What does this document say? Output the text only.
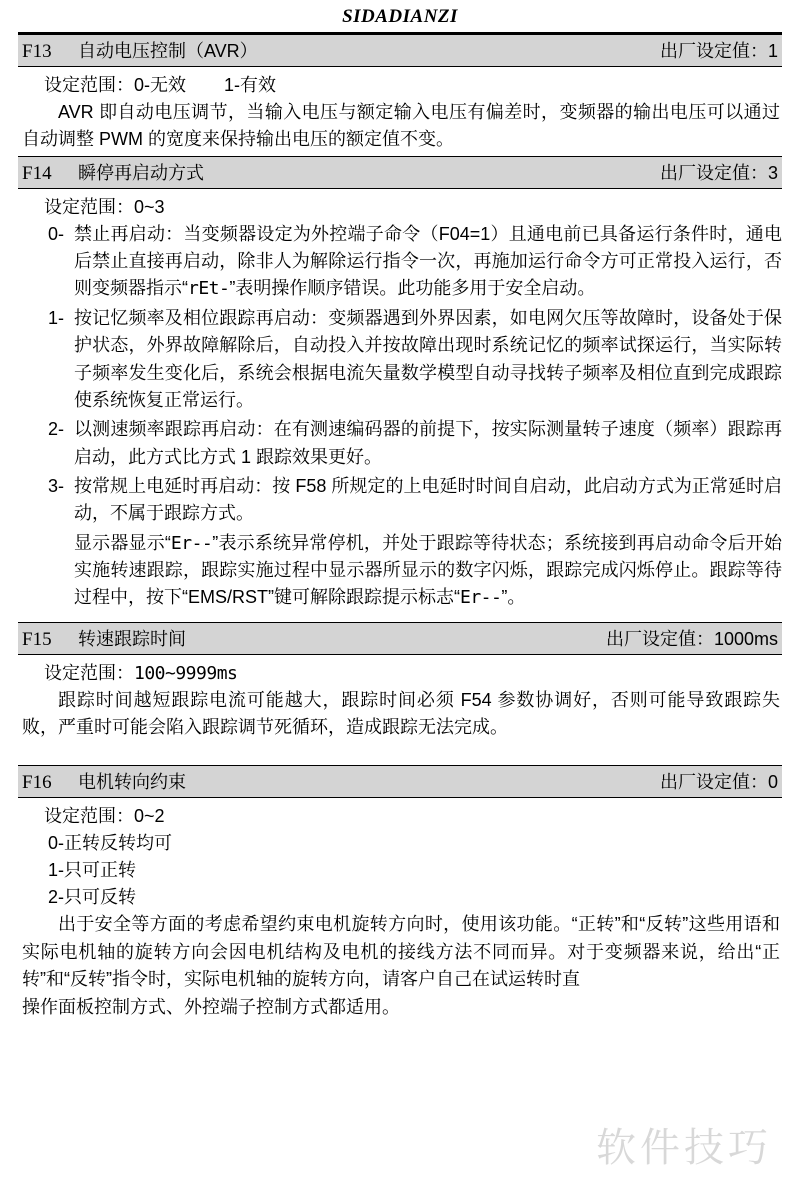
SIDADIANZI
F13	自动电压控制（AVR）	出厂设定值：1
设定范围：0-无效 1-有效
AVR 即自动电压调节，当输入电压与额定输入电压有偏差时，变频器的输出电压可以通过自动调整 PWM 的宽度来保持输出电压的额定值不变。
F14	瞬停再启动方式	出厂设定值：3
设定范围：0~3
0- 禁止再启动：当变频器设定为外控端子命令（F04=1）且通电前已具备运行条件时，通电后禁止直接再启动，除非人为解除运行指令一次，再施加运行命令方可正常投入运行，否则变频器指示“rEt-”表明操作顺序错误。此功能多用于安全启动。
1- 按记忆频率及相位跟踪再启动：变频器遇到外界因素，如电网欠压等故障时，设备处于保护状态，外界故障解除后，自动投入并按故障出现时系统记忆的频率试探运行，当实际转子频率发生变化后，系统会根据电流矢量数学模型自动寻找转子频率及相位直到完成跟踪使系统恢复正常运行。
2- 以测速频率跟踪再启动：在有测速编码器的前提下，按实际测量转子速度（频率）跟踪再启动，此方式比方式 1 跟踪效果更好。
3- 按常规上电延时再启动：按 F58 所规定的上电延时时间自启动，此启动方式为正常延时启动，不属于跟踪方式。
显示器显示“Er--”表示系统异常停机，并处于跟踪等待状态；系统接到再启动命令后开始实施转速跟踪，跟踪实施过程中显示器所显示的数字闪烁，跟踪完成闪烁停止。跟踪等待过程中，按下“EMS/RST”键可解除跟踪提示标志“Er--”。
F15	转速跟踪时间	出厂设定值：1000ms
设定范围：100~9999ms
跟踪时间越短跟踪电流可能越大，跟踪时间必须 F54 参数协调好，否则可能导致跟踪失败，严重时可能会陷入跟踪调节死循环，造成跟踪无法完成。
F16	电机转向约束	出厂设定值：0
设定范围：0~2
0-正转反转均可
1-只可正转
2-只可反转
出于安全等方面的考虑希望约束电机旋转方向时，使用该功能。“正转”和“反转”这些用语和实际电机轴的旋转方向会因电机结构及电机的接线方法不同而异。对于变频器来说，给出“正转”和“反转”指令时，实际电机轴的旋转方向，请客户自己在试运转时直
操作面板控制方式、外控端子控制方式都适用。
软件技巧
